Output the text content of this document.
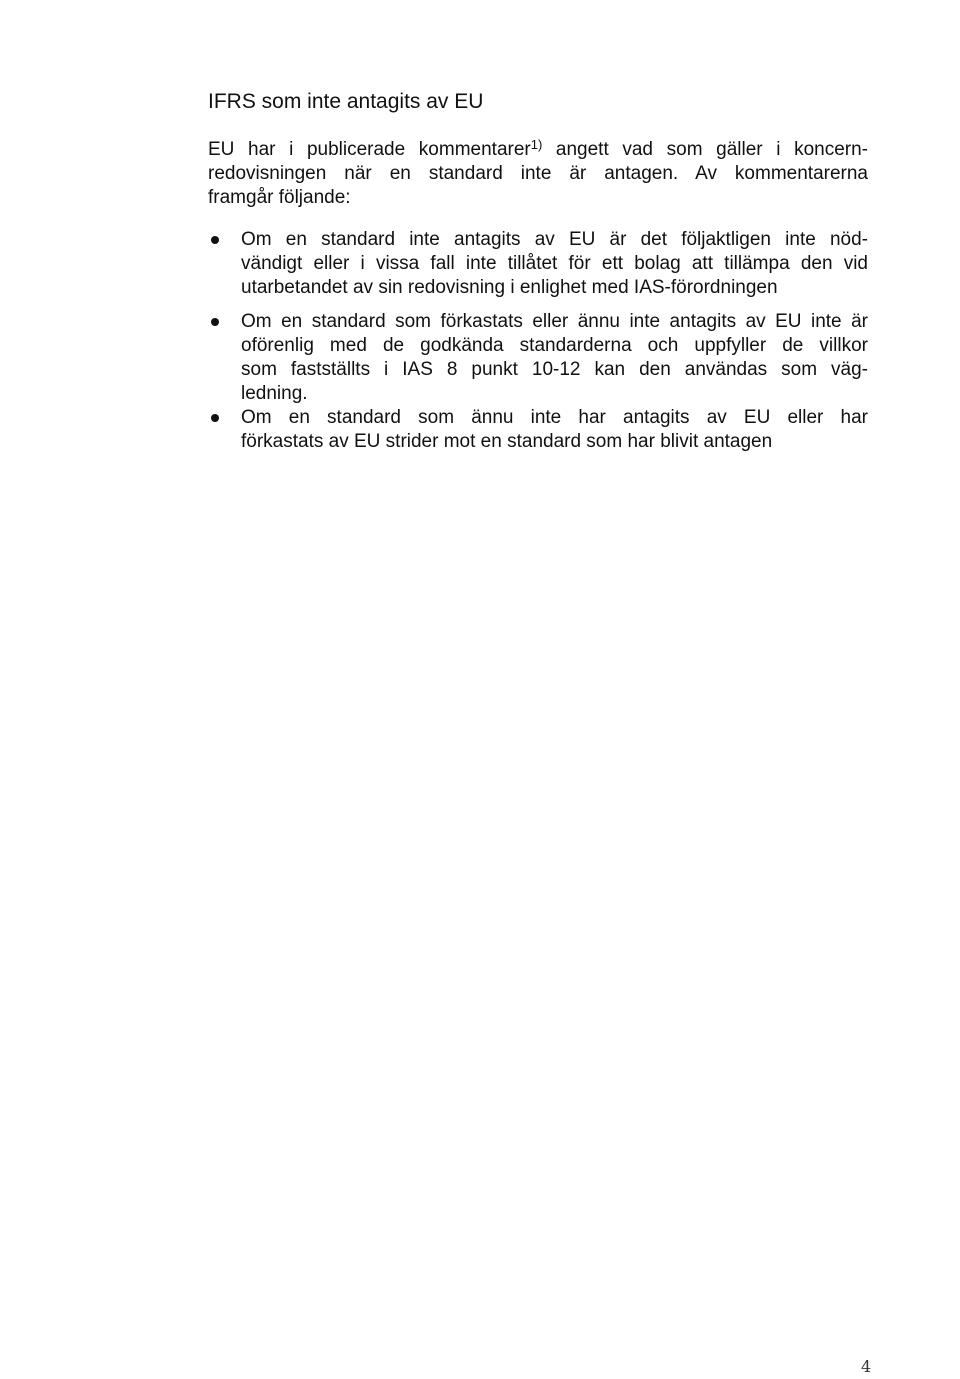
IFRS som inte antagits av EU

EU har i publicerade kommentarer$^{1)}$ angett vad som gäller i koncern-
redovisningen när en standard inte är antagen. Av kommentarerna
framgår följande:

Om en standard inte antagits av EU är det följaktligen inte nöd-
vändigt eller i vissa fall inte tillåtet för ett bolag att tillämpa den vid
utarbetandet av sin redovisning i enlighet med IAS-förordningen
Om en standard som förkastats eller ännu inte antagits av EU inte är
oförenlig med de godkända standarderna och uppfyller de villkor
som fastställts i IAS 8 punkt 10-12 kan den användas som väg-
ledning.
Om en standard som ännu inte har antagits av EU eller har
förkastats av EU strider mot en standard som har blivit antagen
4
